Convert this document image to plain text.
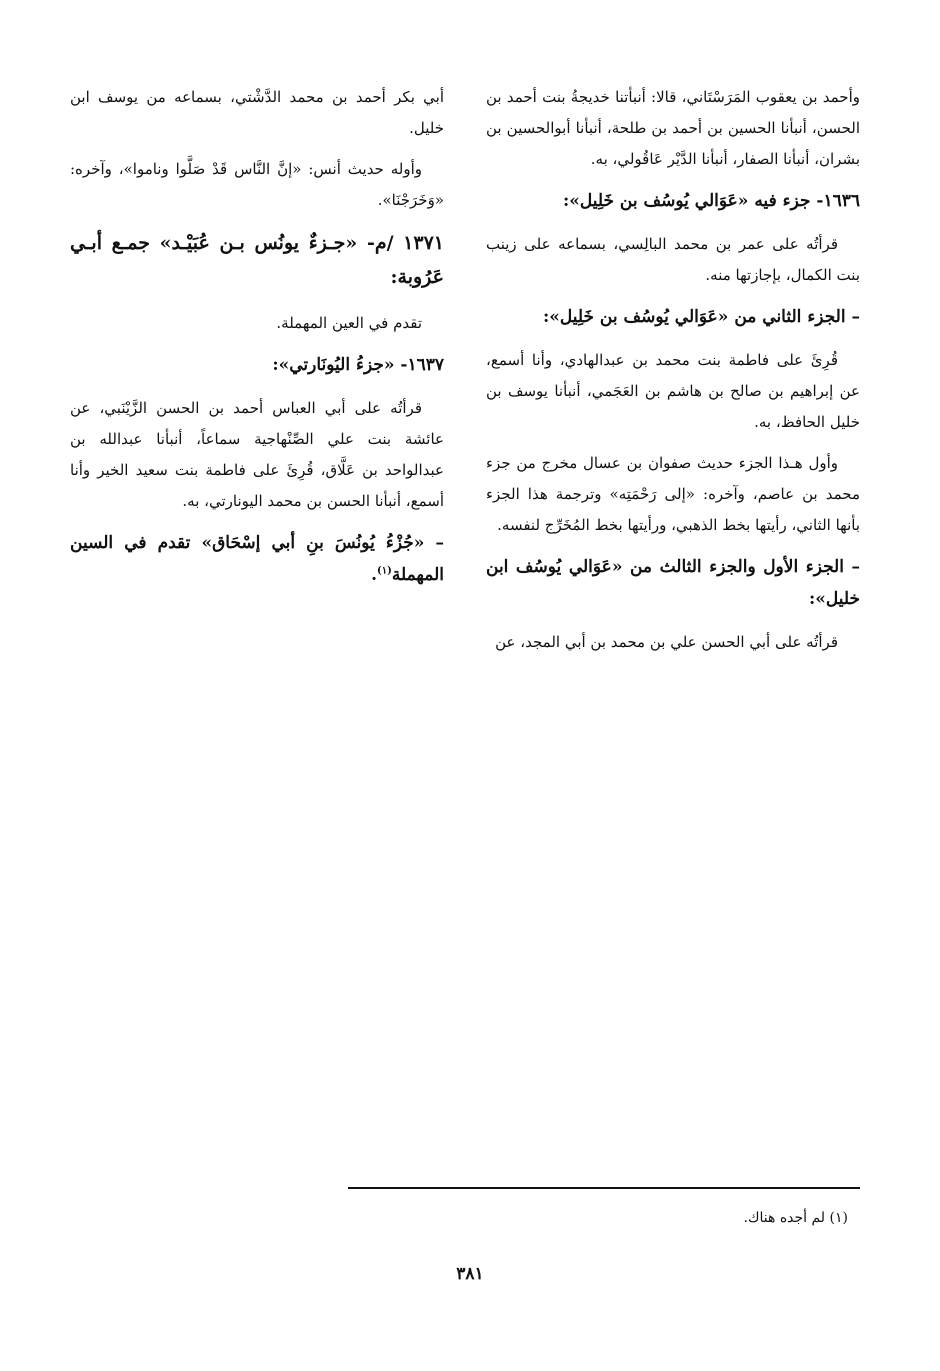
وأحمد بن يعقوب المَرَسْتَاني، قالا: أنبأتنا خديجةُ بنت أحمد بن الحسن، أنبأنا الحسين بن أحمد بن طلحة، أنبأنا أبوالحسين بن بشران، أنبأنا الصفار، أنبأنا الدَّيْر عَاقُولي، به.

١٦٣٦- جزء فيه «عَوَالي يُوسُف بن خَلِيل»:

قرأتُه على عمر بن محمد البالِسي، بسماعه على زينب بنت الكمال، بإجازتها منه.

– الجزء الثاني من «عَوَالي يُوسُف بن خَلِيل»:

قُرِئَ على فاطمة بنت محمد بن عبدالهادي، وأنا أسمع، عن إبراهيم بن صالح بن هاشم بن العَجَمي، أنبأنا يوسف بن خليل الحافظ، به.

وأول هـذا الجزء حديث صفوان بن عسال مخرج من جزء محمد بن عاصم، وآخره: «إلى رَحْمَتِه» وترجمة هذا الجزء بأنها الثاني، رأيتها بخط الذهبي، ورأيتها بخط المُخَرِّج لنفسه.

– الجزء الأول والجزء الثالث من «عَوَالي يُوسُف ابن خليل»:

قرأتُه على أبي الحسن علي بن محمد بن أبي المجد، عن

أبي بكر أحمد بن محمد الدَّشْتي، بسماعه من يوسف ابن خليل.

وأوله حديث أنس: «إنَّ النَّاس قَدْ صَلَّوا وناموا»، وآخره: «وَخَرَجْنَا».

١٣٧١ /م- «جـزءٌ يونُس بـن عُبَيْـد» جمـع أبـي عَرُوبة:

تقدم في العين المهملة.

١٦٣٧- «جزءُ اليُونَارتي»:

قرأتُه على أبي العباس أحمد بن الحسن الزَّيْنَبي، عن عائشة بنت علي الصِّنْهاجية سماعاً، أنبأنا عبدالله بن عبدالواحد بن عَلَّاق، قُرِئَ على فاطمة بنت سعيد الخير وأنا أسمع، أنبأنا الحسن بن محمد اليونارتي، به.

– «جُزْءُ يُونُسَ بنِ أبي إسْحَاق» تقدم في السين المهملة$^{(١)}$.
(١) لم أجده هناك.
٣٨١
